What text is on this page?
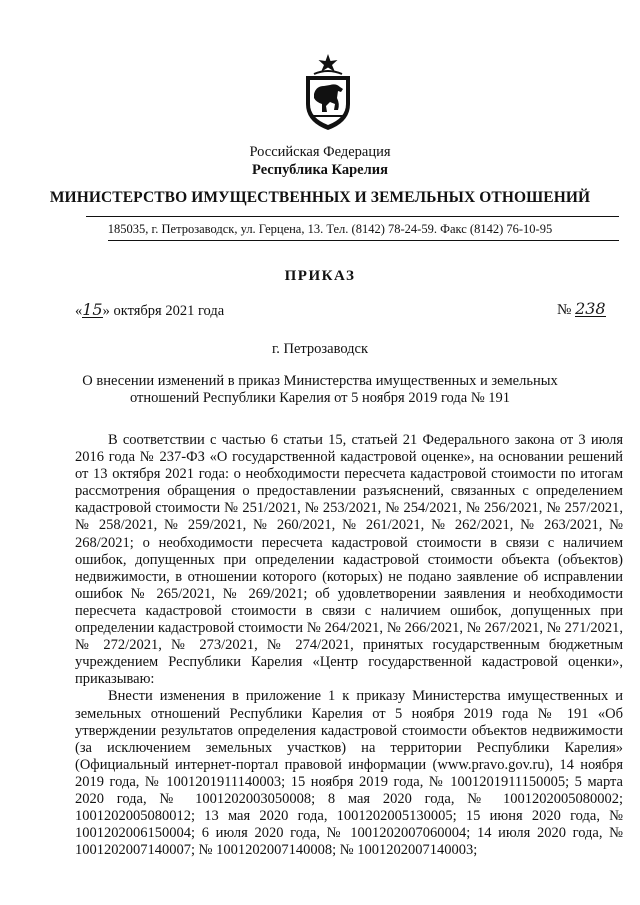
Российская Федерация
Республика Карелия
МИНИСТЕРСТВО ИМУЩЕСТВЕННЫХ И ЗЕМЕЛЬНЫХ ОТНОШЕНИЙ
185035, г. Петрозаводск, ул. Герцена, 13. Тел. (8142) 78-24-59. Факс (8142) 76-10-95
ПРИКАЗ
«15» октября 2021 года	№ 238
г. Петрозаводск
О внесении изменений в приказ Министерства имущественных и земельных
отношений Республики Карелия от 5 ноября 2019 года № 191

В соответствии с частью 6 статьи 15, статьей 21 Федерального закона от 3 июля 2016 года № 237-ФЗ «О государственной кадастровой оценке», на основании решений от 13 октября 2021 года: о необходимости пересчета кадастровой стоимости по итогам рассмотрения обращения о предоставлении разъяснений, связанных с определением кадастровой стоимости № 251/2021, № 253/2021, № 254/2021, № 256/2021, № 257/2021, № 258/2021, № 259/2021, № 260/2021, № 261/2021, № 262/2021, № 263/2021, № 268/2021; о необходимости пересчета кадастровой стоимости в связи с наличием ошибок, допущенных при определении кадастровой стоимости объекта (объектов) недвижимости, в отношении которого (которых) не подано заявление об исправлении ошибок № 265/2021, № 269/2021; об удовлетворении заявления и необходимости пересчета кадастровой стоимости в связи с наличием ошибок, допущенных при определении кадастровой стоимости № 264/2021, № 266/2021, № 267/2021, № 271/2021, № 272/2021, № 273/2021, № 274/2021, принятых государственным бюджетным учреждением Республики Карелия «Центр государственной кадастровой оценки», приказываю:

Внести изменения в приложение 1 к приказу Министерства имущественных и земельных отношений Республики Карелия от 5 ноября 2019 года № 191 «Об утверждении результатов определения кадастровой стоимости объектов недвижимости (за исключением земельных участков) на территории Республики Карелия» (Официальный интернет-портал правовой информации (www.pravo.gov.ru), 14 ноября 2019 года, № 1001201911140003; 15 ноября 2019 года, № 1001201911150005; 5 марта 2020 года, № 1001202003050008; 8 мая 2020 года, № 1001202005080002; 1001202005080012; 13 мая 2020 года, 1001202005130005; 15 июня 2020 года, № 1001202006150004; 6 июля 2020 года, № 1001202007060004; 14 июля 2020 года, № 1001202007140007; № 1001202007140008; № 1001202007140003;
